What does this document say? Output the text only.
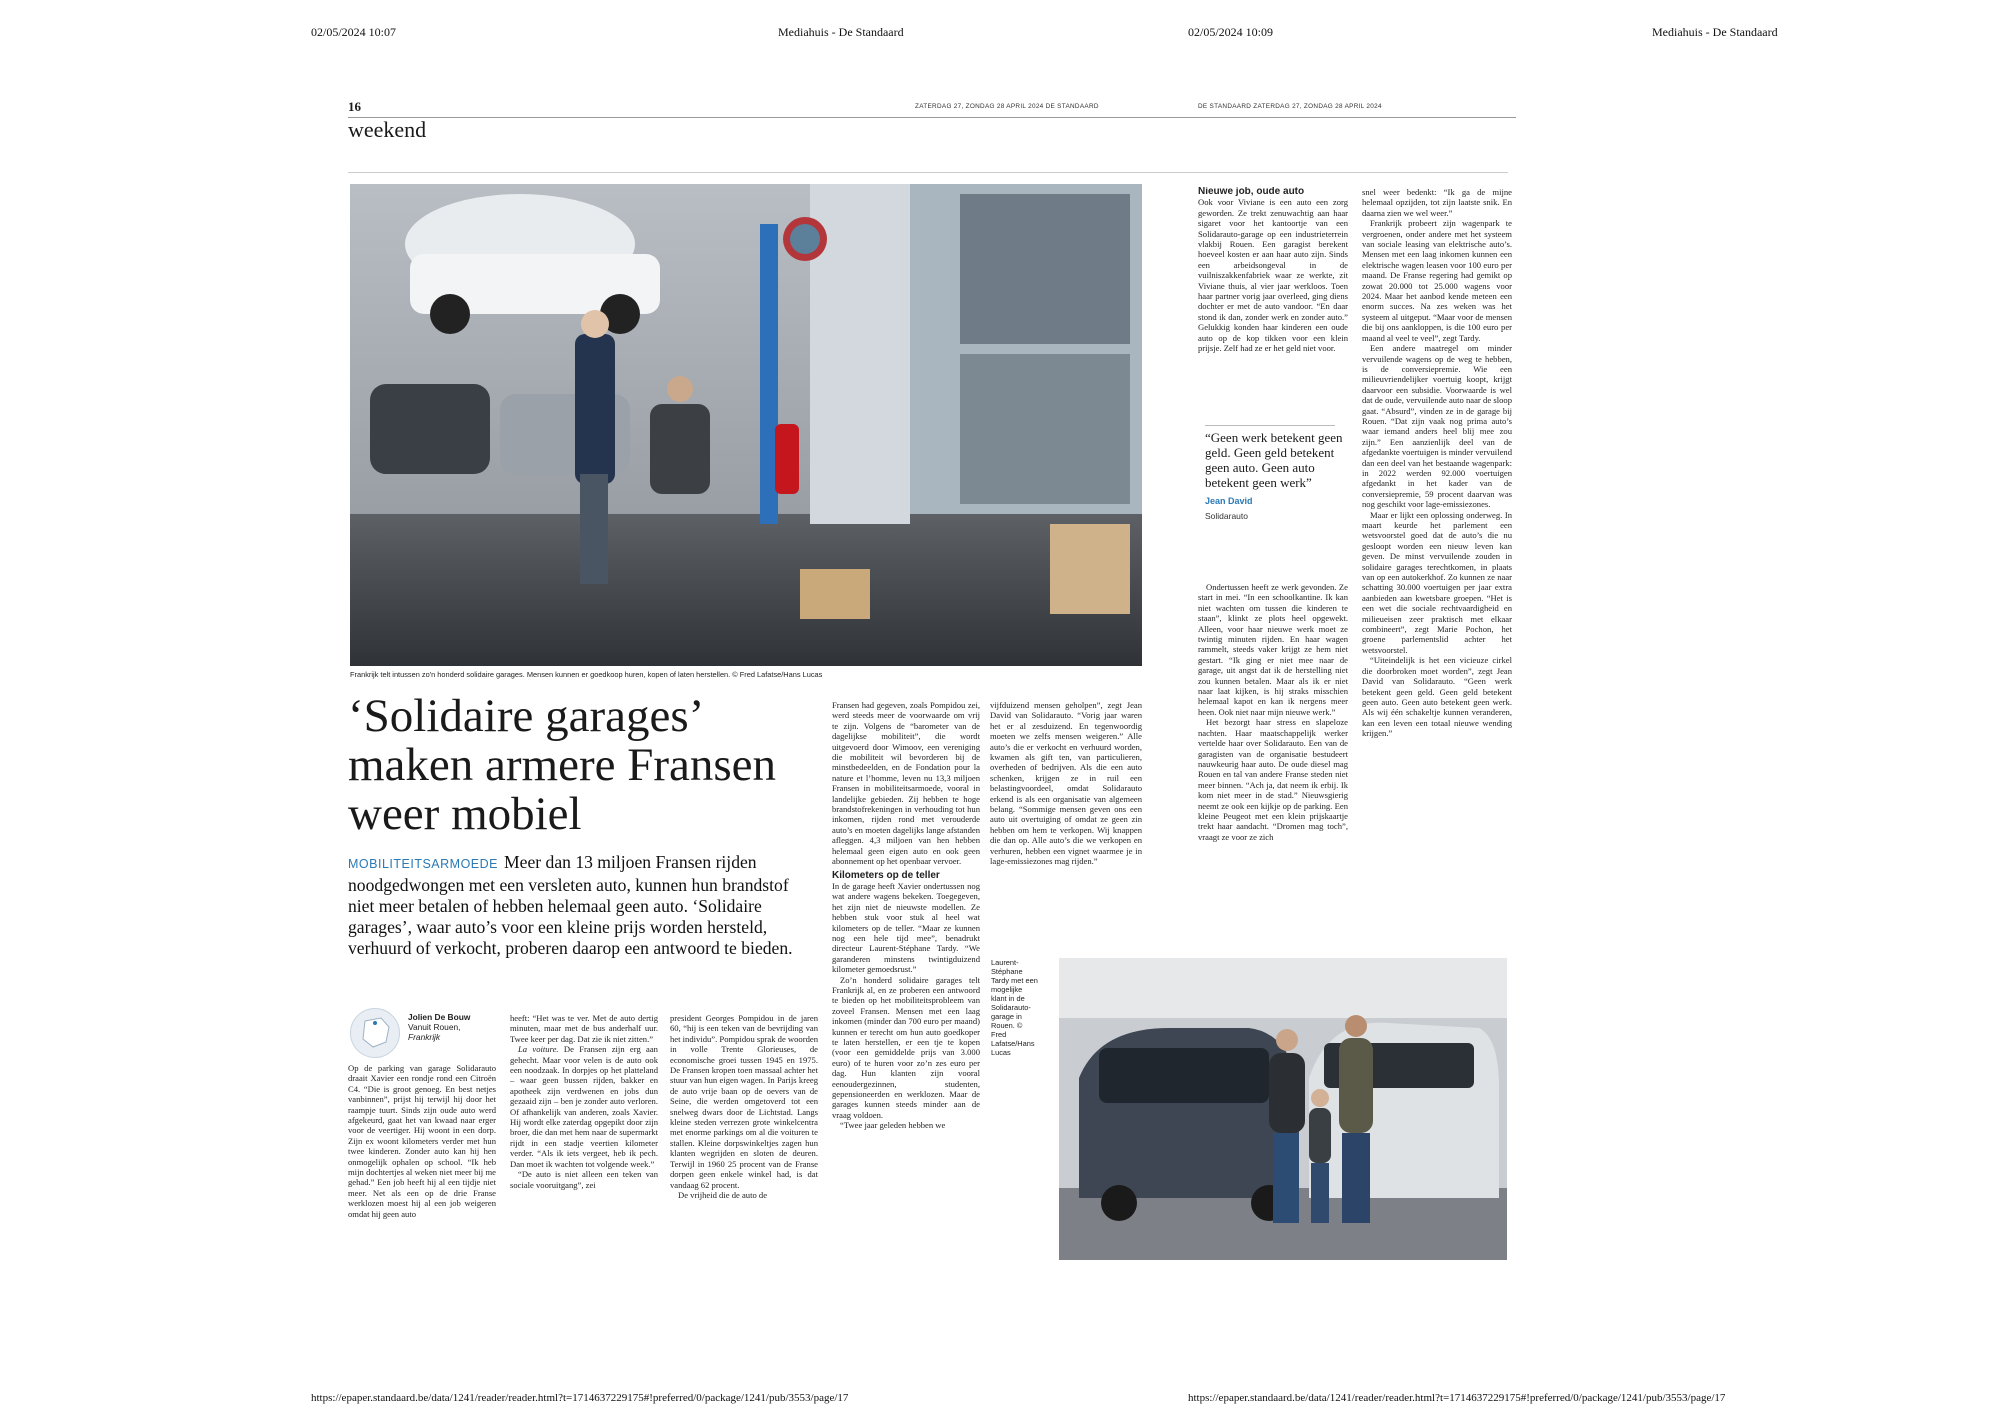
02/05/2024 10:07	Mediahuis - De Standaard	02/05/2024 10:09	Mediahuis - De Standaard
16	ZATERDAG 27, ZONDAG 28 APRIL 2024 DE STANDAARD	DE STANDAARD ZATERDAG 27, ZONDAG 28 APRIL 2024
weekend
Frankrijk telt intussen zo'n honderd solidaire garages. Mensen kunnen er goedkoop huren, kopen of laten herstellen. © Fred Lafatse/Hans Lucas
‘Solidaire garages’ maken armere Fransen weer mobiel
MOBILITEITSARMOEDE Meer dan 13 miljoen Fransen rijden noodgedwongen met een versleten auto, kunnen hun brandstof niet meer betalen of hebben helemaal geen auto. ‘Solidaire garages’, waar auto’s voor een kleine prijs worden hersteld, verhuurd of verkocht, proberen daarop een antwoord te bieden.
Jolien De Bouw
Vanuit Rouen,
Frankrijk

Op de parking van garage Solidarauto draait Xavier een rondje rond een Citroën C4. “Die is groot genoeg. En best netjes vanbinnen”, prijst hij terwijl hij door het raampje tuurt. Sinds zijn oude auto werd afgekeurd, gaat het van kwaad naar erger voor de veertiger. Hij woont in een dorp. Zijn ex woont kilometers verder met hun twee kinderen. Zonder auto kan hij hen onmogelijk ophalen op school. “Ik heb mijn dochtertjes al weken niet meer bij me gehad.” Een job heeft hij al een tijdje niet meer. Net als een op de drie Franse werklozen moest hij al een job weigeren omdat hij geen auto

heeft: “Het was te ver. Met de auto dertig minuten, maar met de bus anderhalf uur. Twee keer per dag. Dat zie ik niet zitten.”

La voiture. De Fransen zijn erg aan gehecht. Maar voor velen is de auto ook een noodzaak. In dorpjes op het platteland – waar geen bussen rijden, bakker en apotheek zijn verdwenen en jobs dun gezaaid zijn – ben je zonder auto verloren. Of afhankelijk van anderen, zoals Xavier. Hij wordt elke zaterdag opgepikt door zijn broer, die dan met hem naar de supermarkt rijdt in een stadje veertien kilometer verder. “Als ik iets vergeet, heb ik pech. Dan moet ik wachten tot volgende week.”

“De auto is niet alleen een teken van sociale vooruitgang”, zei

president Georges Pompidou in de jaren 60, “hij is een teken van de bevrijding van het individu”. Pompidou sprak de woorden in volle Trente Glorieuses, de economische groei tussen 1945 en 1975. De Fransen kropen toen massaal achter het stuur van hun eigen wagen. In Parijs kreeg de auto vrije baan op de oevers van de Seine, die werden omgetoverd tot een snelweg dwars door de Lichtstad. Langs kleine steden verrezen grote winkelcentra met enorme parkings om al die voituren te stallen. Kleine dorpswinkeltjes zagen hun klanten wegrijden en sloten de deuren. Terwijl in 1960 25 procent van de Franse dorpen geen enkele winkel had, is dat vandaag 62 procent.

De vrijheid die de auto de

Fransen had gegeven, zoals Pompidou zei, werd steeds meer de voorwaarde om vrij te zijn. Volgens de “barometer van de dagelijkse mobiliteit”, die wordt uitgevoerd door Wimoov, een vereniging die mobiliteit wil bevorderen bij de minstbedeelden, en de Fondation pour la nature et l’homme, leven nu 13,3 miljoen Fransen in mobiliteitsarmoede, vooral in landelijke gebieden. Zij hebben te hoge brandstofrekeningen in verhouding tot hun inkomen, rijden rond met verouderde auto’s en moeten dagelijks lange afstanden afleggen. 4,3 miljoen van hen hebben helemaal geen eigen auto en ook geen abonnement op het openbaar vervoer.

Kilometers op de teller

In de garage heeft Xavier ondertussen nog wat andere wagens bekeken. Toegegeven, het zijn niet de nieuwste modellen. Ze hebben stuk voor stuk al heel wat kilometers op de teller. “Maar ze kunnen nog een hele tijd mee”, benadrukt directeur Laurent-Stéphane Tardy. “We garanderen minstens twintigduizend kilometer gemoedsrust.”

Zo’n honderd solidaire garages telt Frankrijk al, en ze proberen een antwoord te bieden op het mobiliteitsprobleem van zoveel Fransen. Mensen met een laag inkomen (minder dan 700 euro per maand) kunnen er terecht om hun auto goedkoper te laten herstellen, er een tje te kopen (voor een gemiddelde prijs van 3.000 euro) of te huren voor zo’n zes euro per dag. Hun klanten zijn vooral eenoudergezinnen, studenten, gepensioneerden en werklozen. Maar de garages kunnen steeds minder aan de vraag voldoen.

“Twee jaar geleden hebben we

vijfduizend mensen geholpen”, zegt Jean David van Solidarauto. “Vorig jaar waren het er al zesduizend. En tegenwoordig moeten we zelfs mensen weigeren.” Alle auto’s die er verkocht en verhuurd worden, kwamen als gift ten, van particulieren, overheden of bedrijven. Als die een auto schenken, krijgen ze in ruil een belastingvoordeel, omdat Solidarauto erkend is als een organisatie van algemeen belang. “Sommige mensen geven ons een auto uit overtuiging of omdat ze geen zin hebben om hem te verkopen. Wij knappen die dan op. Alle auto’s die we verkopen en verhuren, hebben een vignet waarmee je in lage-emissiezones mag rijden.”

Laurent-Stéphane Tardy met een mogelijke klant in de Solidarauto-garage in Rouen. © Fred Lafatse/Hans Lucas

Nieuwe job, oude auto

Ook voor Viviane is een auto een zorg geworden. Ze trekt zenuwachtig aan haar sigaret voor het kantoortje van een Solidarauto-garage op een industrieterrein vlakbij Rouen. Een garagist berekent hoeveel kosten er aan haar auto zijn. Sinds een arbeidsongeval in de vuilniszakkenfabriek waar ze werkte, zit Viviane thuis, al vier jaar werkloos. Toen haar partner vorig jaar overleed, ging diens dochter er met de auto vandoor. “En daar stond ik dan, zonder werk en zonder auto.” Gelukkig konden haar kinderen een oude auto op de kop tikken voor een klein prijsje. Zelf had ze er het geld niet voor.

“Geen werk betekent geen geld. Geen geld betekent geen auto. Geen auto betekent geen werk”
Jean David
Solidarauto

Ondertussen heeft ze werk gevonden. Ze start in mei. “In een schoolkantine. Ik kan niet wachten om tussen die kinderen te staan”, klinkt ze plots heel opgewekt. Alleen, voor haar nieuwe werk moet ze twintig minuten rijden. En haar wagen rammelt, steeds vaker krijgt ze hem niet gestart. “Ik ging er niet mee naar de garage, uit angst dat ik de herstelling niet zou kunnen betalen. Maar als ik er niet naar laat kijken, is hij straks misschien helemaal kapot en kan ik nergens meer heen. Ook niet naar mijn nieuwe werk.”

Het bezorgt haar stress en slapeloze nachten. Haar maatschappelijk werker vertelde haar over Solidarauto. Een van de garagisten van de organisatie bestudeert nauwkeurig haar auto. De oude diesel mag Rouen en tal van andere Franse steden niet meer binnen. “Ach ja, dat neem ik erbij. Ik kom niet meer in de stad.” Nieuwsgierig neemt ze ook een kijkje op de parking. Een kleine Peugeot met een klein prijskaartje trekt haar aandacht. “Dromen mag toch”, vraagt ze voor ze zich

snel weer bedenkt: “Ik ga de mijne helemaal opzijden, tot zijn laatste snik. En daarna zien we wel weer.”

Frankrijk probeert zijn wagenpark te vergroenen, onder andere met het systeem van sociale leasing van elektrische auto’s. Mensen met een laag inkomen kunnen een elektrische wagen leasen voor 100 euro per maand. De Franse regering had gemikt op zowat 20.000 tot 25.000 wagens voor 2024. Maar het aanbod kende meteen een enorm succes. Na zes weken was het systeem al uitgeput. “Maar voor de mensen die bij ons aankloppen, is die 100 euro per maand al veel te veel”, zegt Tardy.

Een andere maatregel om minder vervuilende wagens op de weg te hebben, is de conversiepremie. Wie een milieuvriendelijker voertuig koopt, krijgt daarvoor een subsidie. Voorwaarde is wel dat de oude, vervuilende auto naar de sloop gaat. “Absurd”, vinden ze in de garage bij Rouen. “Dat zijn vaak nog prima auto’s waar iemand anders heel blij mee zou zijn.” Een aanzienlijk deel van de afgedankte voertuigen is minder vervuilend dan een deel van het bestaande wagenpark: in 2022 werden 92.000 voertuigen afgedankt in het kader van de conversiepremie, 59 procent daarvan was nog geschikt voor lage-emissiezones.

Maar er lijkt een oplossing onderweg. In maart keurde het parlement een wetsvoorstel goed dat de auto’s die nu gesloopt worden een nieuw leven kan geven. De minst vervuilende zouden in solidaire garages terechtkomen, in plaats van op een autokerkhof. Zo kunnen ze naar schatting 30.000 voertuigen per jaar extra aanbieden aan kwetsbare groepen. “Het is een wet die sociale rechtvaardigheid en milieueisen zeer praktisch met elkaar combineert”, zegt Marie Pochon, het groene parlementslid achter het wetsvoorstel.

“Uiteindelijk is het een vicieuze cirkel die doorbroken moet worden”, zegt Jean David van Solidarauto. “Geen werk betekent geen geld. Geen geld betekent geen auto. Geen auto betekent geen werk. Als wij één schakeltje kunnen veranderen, kan een leven een totaal nieuwe wending krijgen.”

https://epaper.standaard.be/data/1241/reader/reader.html?t=1714637229175#!preferred/0/package/1241/pub/3553/page/17	https://epaper.standaard.be/data/1241/reader/reader.html?t=1714637229175#!preferred/0/package/1241/pub/3553/page/17
